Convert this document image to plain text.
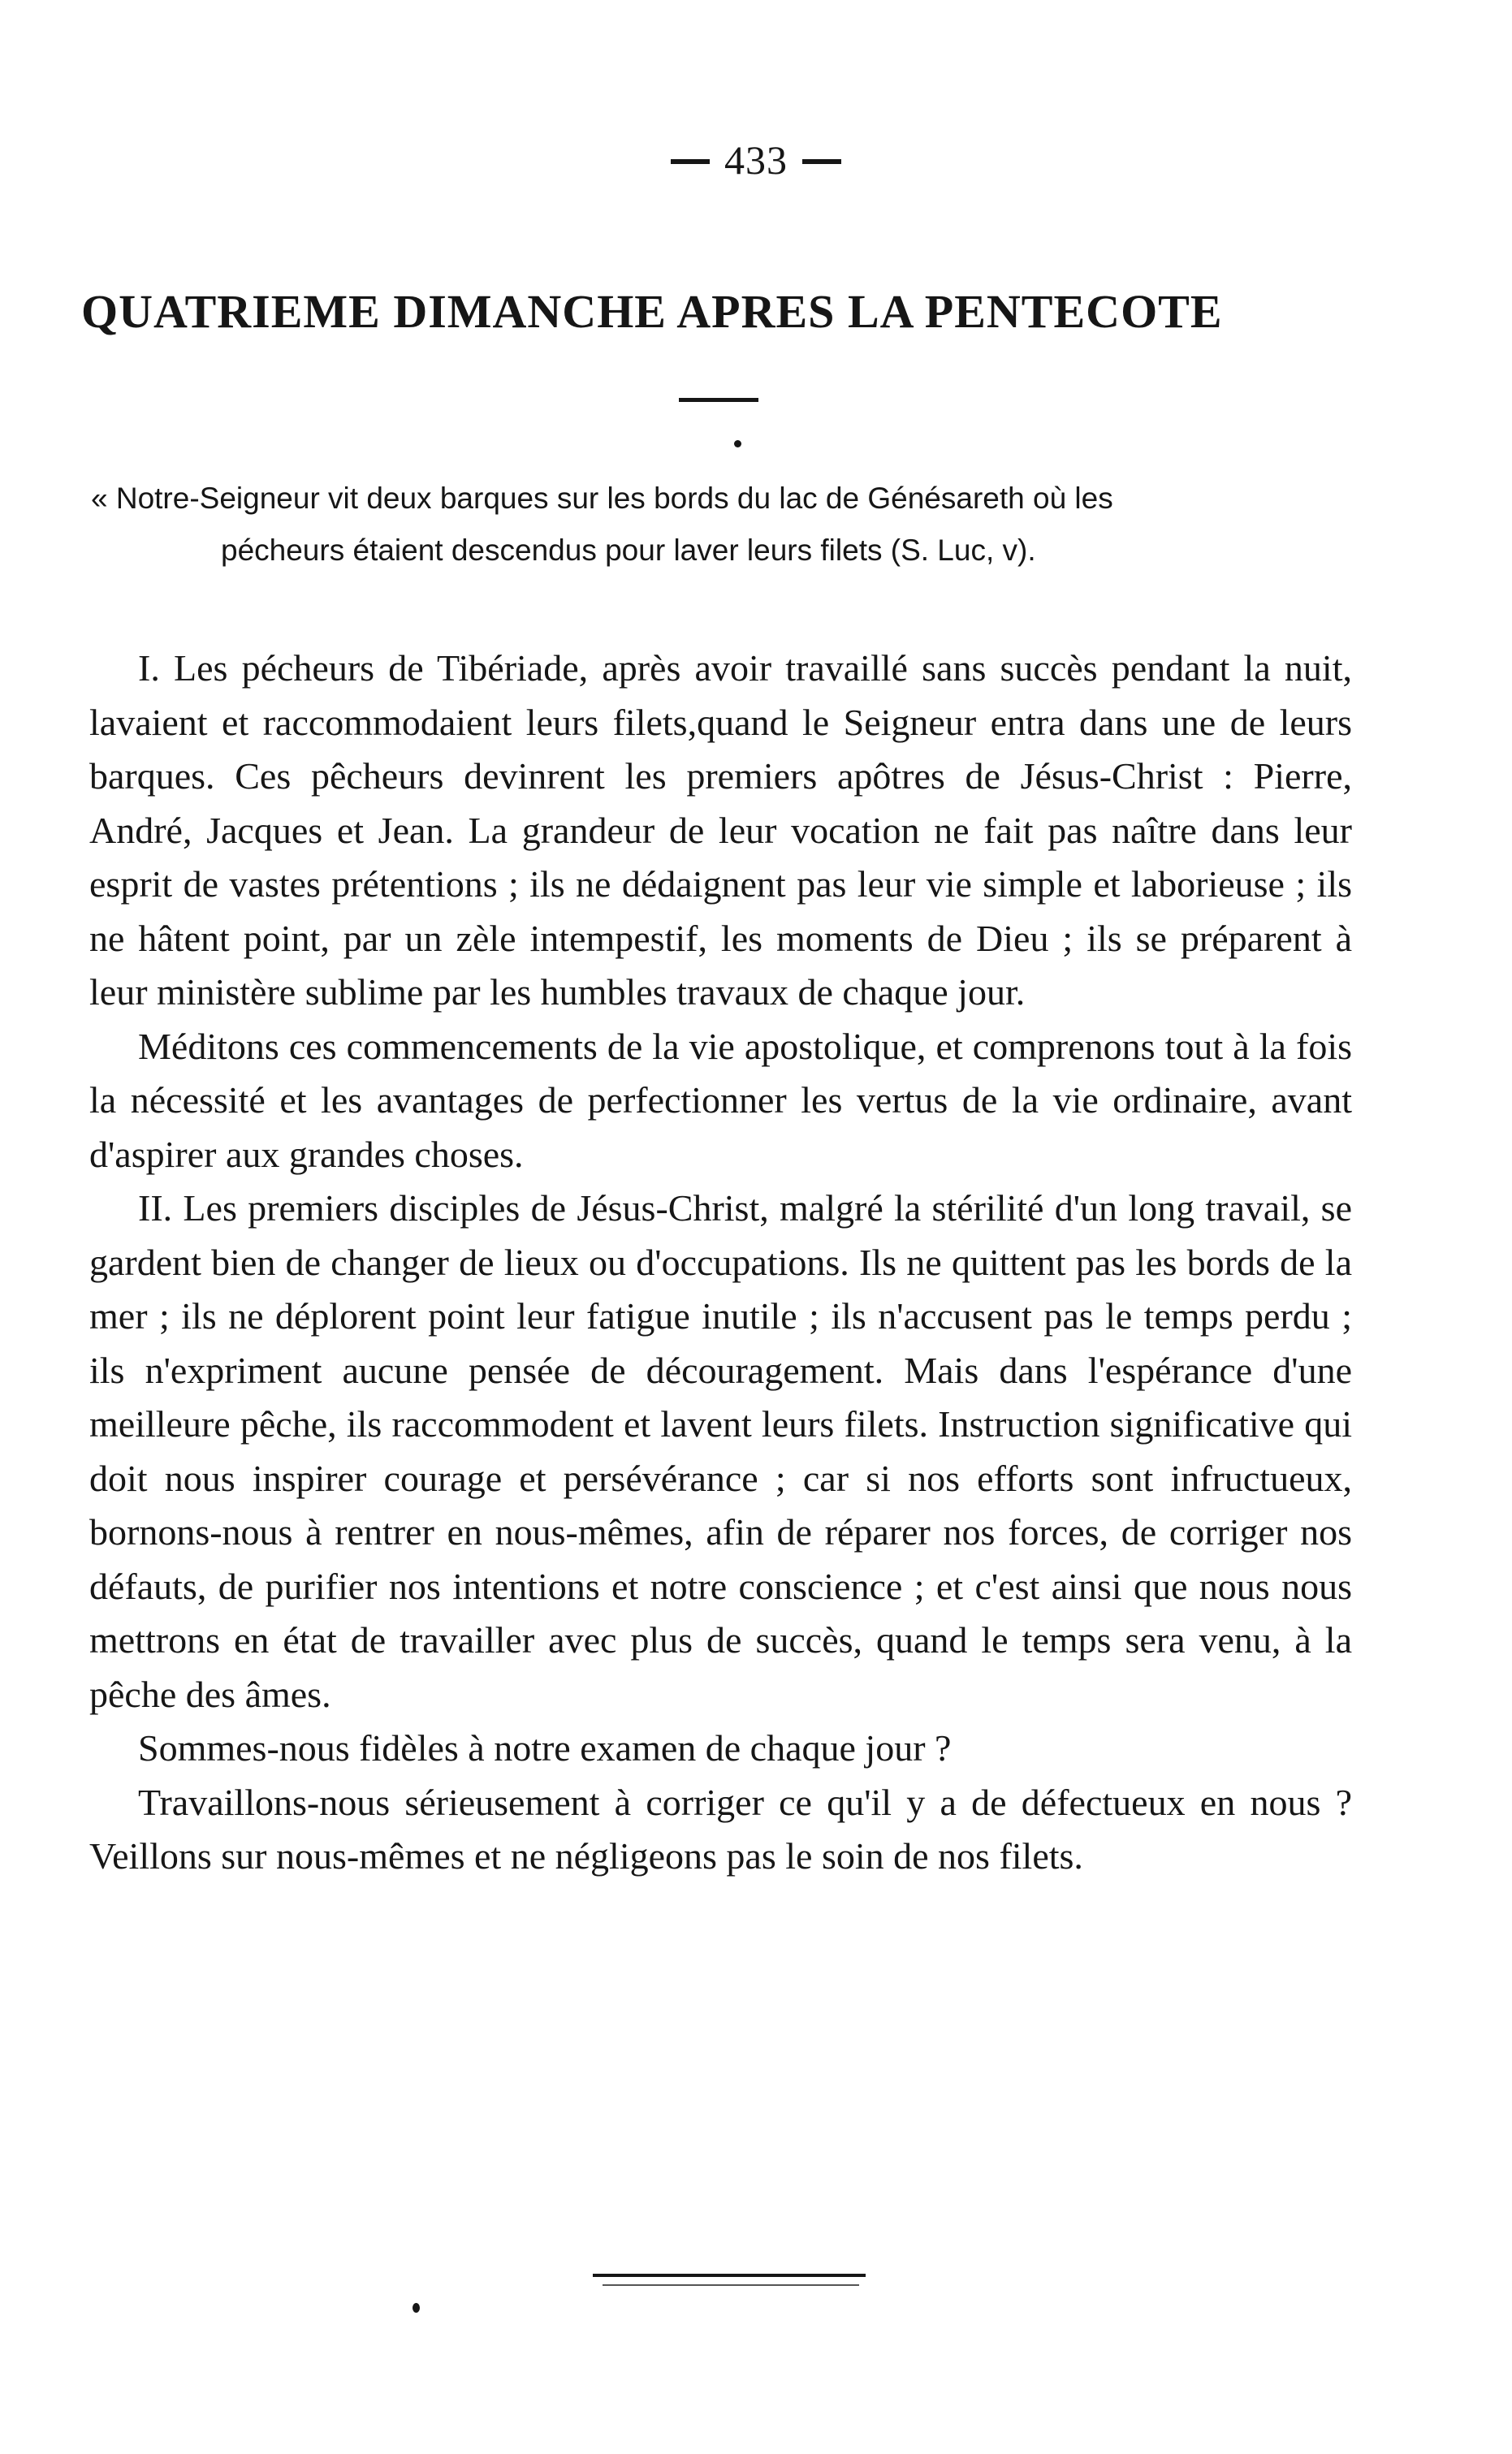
433
QUATRIEME DIMANCHE APRES LA PENTECOTE
« Notre-Seigneur vit deux barques sur les bords du lac de Génésareth où les
pécheurs étaient descendus pour laver leurs filets (S. Luc, v).

I. Les pécheurs de Tibériade, après avoir travaillé sans succès pendant la nuit, lavaient et raccommodaient leurs filets,quand le Seigneur entra dans une de leurs barques. Ces pêcheurs devinrent les premiers apôtres de Jésus-Christ : Pierre, André, Jacques et Jean. La grandeur de leur vocation ne fait pas naître dans leur esprit de vastes prétentions ; ils ne dédaignent pas leur vie simple et laborieuse ; ils ne hâtent point, par un zèle intempestif, les moments de Dieu ; ils se préparent à leur ministère sublime par les humbles travaux de chaque jour.

Méditons ces commencements de la vie apostolique, et comprenons tout à la fois la nécessité et les avantages de perfectionner les vertus de la vie ordinaire, avant d'aspirer aux grandes choses.

II. Les premiers disciples de Jésus-Christ, malgré la stérilité d'un long travail, se gardent bien de changer de lieux ou d'occupations. Ils ne quittent pas les bords de la mer ; ils ne déplorent point leur fatigue inutile ; ils n'accusent pas le temps perdu ; ils n'expriment aucune pensée de découragement. Mais dans l'espérance d'une meilleure pêche, ils raccommodent et lavent leurs filets. Instruction significative qui doit nous inspirer courage et persévérance ; car si nos efforts sont infructueux, bornons-nous à rentrer en nous-mêmes, afin de réparer nos forces, de corriger nos défauts, de purifier nos intentions et notre conscience ; et c'est ainsi que nous nous mettrons en état de travailler avec plus de succès, quand le temps sera venu, à la pêche des âmes.

Sommes-nous fidèles à notre examen de chaque jour ?

Travaillons-nous sérieusement à corriger ce qu'il y a de défectueux en nous ? Veillons sur nous-mêmes et ne négligeons pas le soin de nos filets.
